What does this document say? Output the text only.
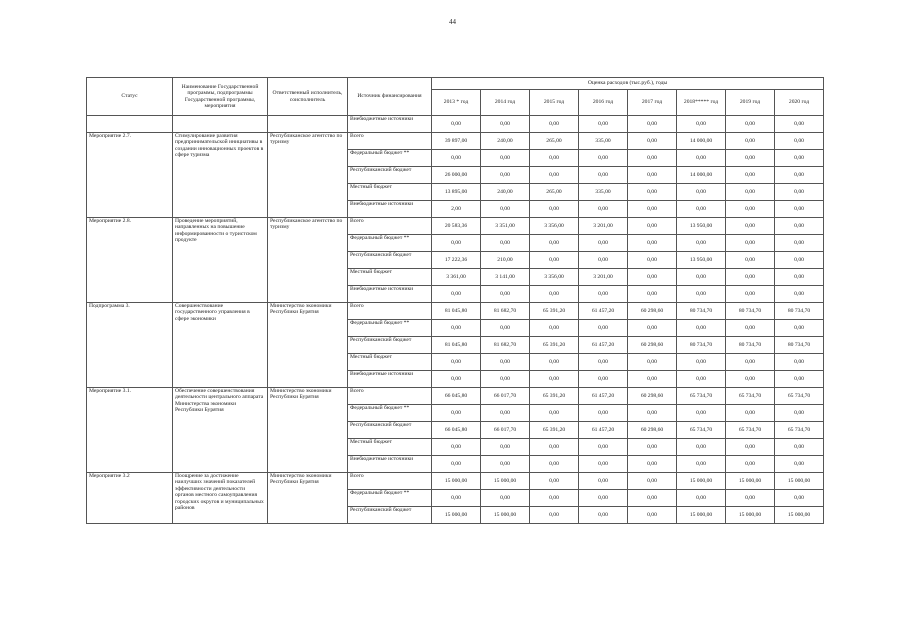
44
Статус	Наименование Государственной программы, подпрограммы Государственной программы, мероприятия	Ответственный исполнитель, соисполнитель	Источник финансирования	Оценка расходов (тыс.руб.), годы							
				2013 * год	2014 год	2015 год	2016 год	2017 год	2018***** год	2019 год	2020 год
			Внебюджетные источники	0,00	0,00	0,00	0,00	0,00	0,00	0,00	0,00
Мероприятие 2.7.	Стимулирование развития предпринимательской инициативы в создании инновационных проектов в сфере туризма	Республиканское агентство по туризму	Всего	39 897,00	240,00	265,00	335,00	0,00	14 000,00	0,00	0,00
			Федеральный бюджет **	0,00	0,00	0,00	0,00	0,00	0,00	0,00	0,00
			Республиканский бюджет	26 000,00	0,00	0,00	0,00	0,00	14 000,00	0,00	0,00
			Местный бюджет	13 895,00	240,00	265,00	335,00	0,00	0,00	0,00	0,00
			Внебюджетные источники	2,00	0,00	0,00	0,00	0,00	0,00	0,00	0,00
Мероприятие 2.8.	Проведение мероприятий, направленных на повышение информированности о туристском продукте	Республиканское агентство по туризму	Всего	20 583,36	3 351,00	3 356,00	3 201,00	0,00	13 950,00	0,00	0,00
			Федеральный бюджет **	0,00	0,00	0,00	0,00	0,00	0,00	0,00	0,00
			Республиканский бюджет	17 222,36	210,00	0,00	0,00	0,00	13 950,00	0,00	0,00
			Местный бюджет	3 361,00	3 141,00	3 356,00	3 201,00	0,00	0,00	0,00	0,00
			Внебюджетные источники	0,00	0,00	0,00	0,00	0,00	0,00	0,00	0,00
Подпрограмма 3.	Совершенствование государственного управления в сфере экономики	Министерство экономики Республики Бурятия	Всего	81 045,80	81 682,70	65 391,20	61 457,20	60 298,60	80 734,70	80 734,70	80 734,70
			Федеральный бюджет **	0,00	0,00	0,00	0,00	0,00	0,00	0,00	0,00
			Республиканский бюджет	81 045,80	81 682,70	65 391,20	61 457,20	60 298,60	80 734,70	80 734,70	80 734,70
			Местный бюджет	0,00	0,00	0,00	0,00	0,00	0,00	0,00	0,00
			Внебюджетные источники	0,00	0,00	0,00	0,00	0,00	0,00	0,00	0,00
Мероприятие 3.1.	Обеспечение совершенствования деятельности центрального аппарата Министерства экономики Республики Бурятия	Министерство экономики Республики Бурятия	Всего	66 045,80	66 017,70	65 391,20	61 457,20	60 298,60	65 734,70	65 734,70	65 734,70
			Федеральный бюджет **	0,00	0,00	0,00	0,00	0,00	0,00	0,00	0,00
			Республиканский бюджет	66 045,80	66 017,70	65 391,20	61 457,20	60 298,60	65 734,70	65 734,70	65 734,70
			Местный бюджет	0,00	0,00	0,00	0,00	0,00	0,00	0,00	0,00
			Внебюджетные источники	0,00	0,00	0,00	0,00	0,00	0,00	0,00	0,00
Мероприятие 3.2	Поощрение за достижение наилучших значений показателей эффективности деятельности органов местного самоуправления городских округов и муниципальных районов	Министерство экономики Республики Бурятия	Всего	15 000,00	15 000,00	0,00	0,00	0,00	15 000,00	15 000,00	15 000,00
			Федеральный бюджет **	0,00	0,00	0,00	0,00	0,00	0,00	0,00	0,00
			Республиканский бюджет	15 000,00	15 000,00	0,00	0,00	0,00	15 000,00	15 000,00	15 000,00
